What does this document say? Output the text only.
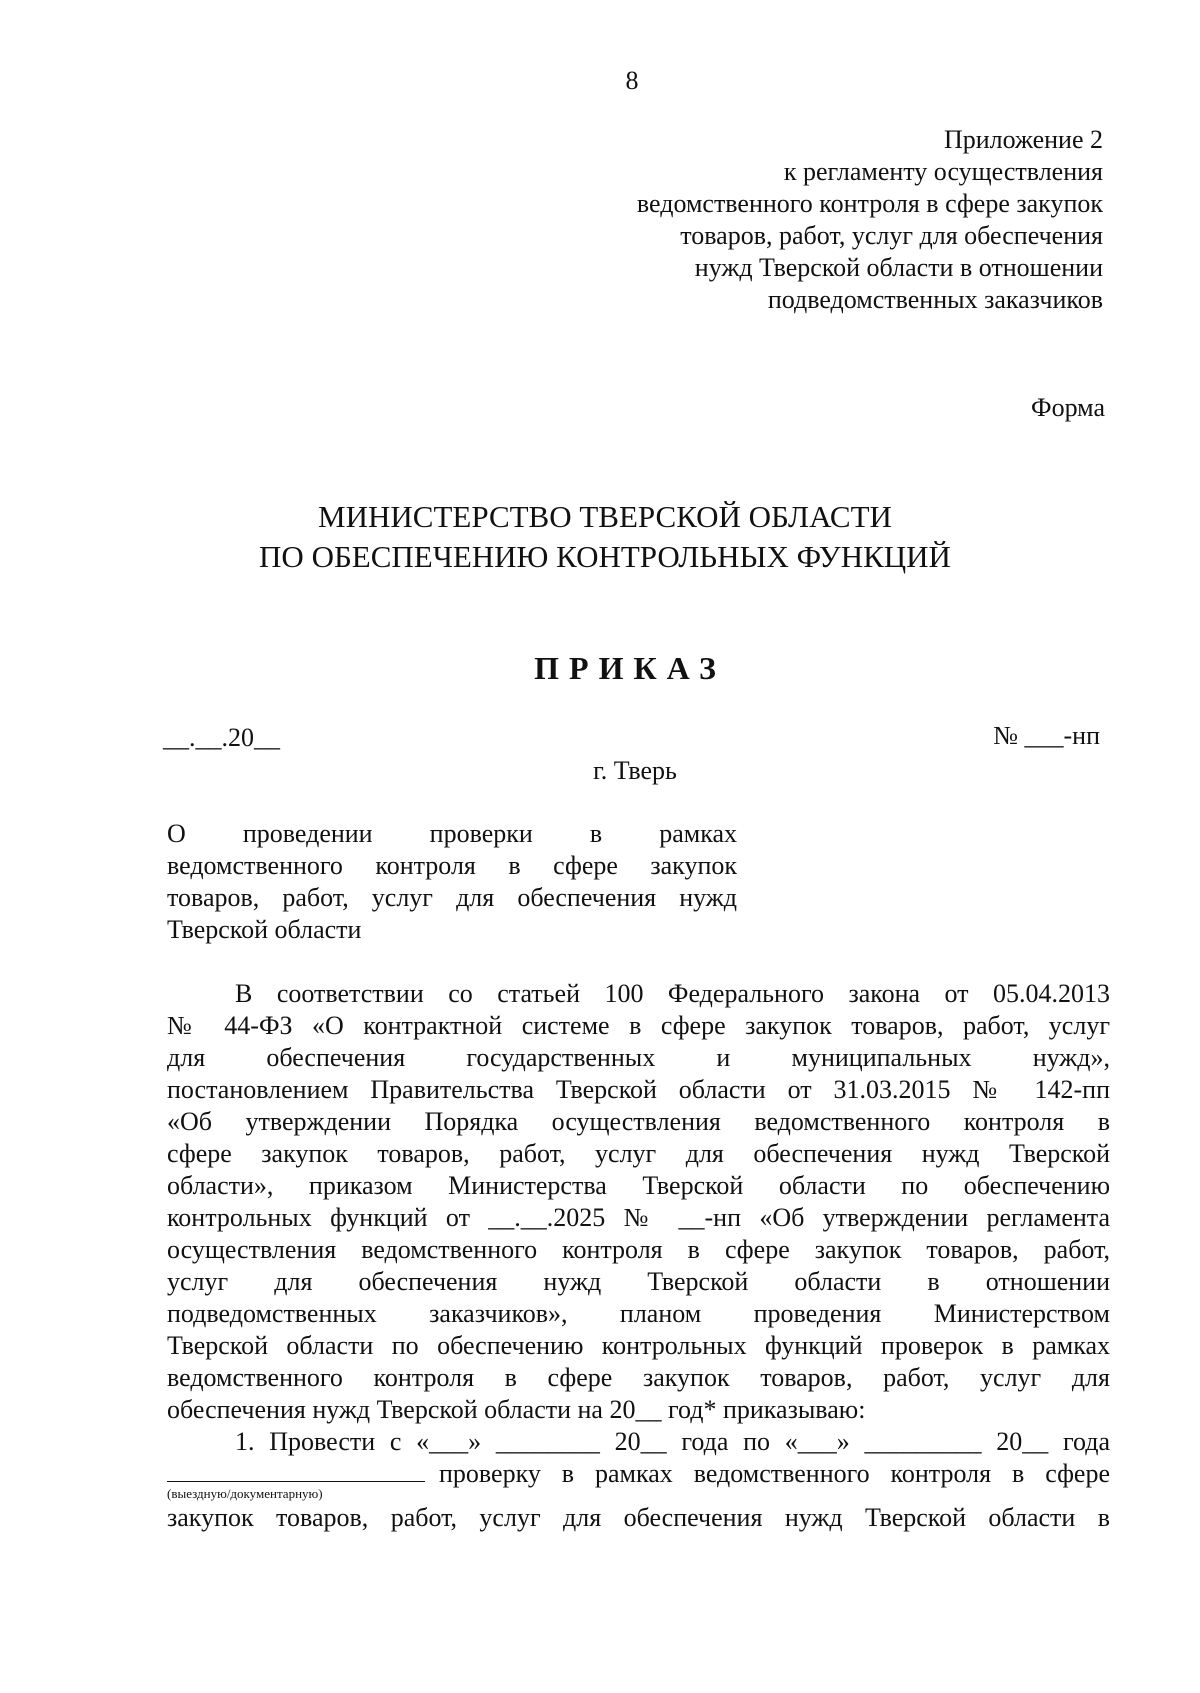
8
Приложение 2
к регламенту осуществления
ведомственного контроля в сфере закупок
товаров, работ, услуг для обеспечения
нужд Тверской области в отношении
подведомственных заказчиков
Форма
МИНИСТЕРСТВО ТВЕРСКОЙ ОБЛАСТИ
ПО ОБЕСПЕЧЕНИЮ КОНТРОЛЬНЫХ ФУНКЦИЙ
ПРИКАЗ
__.__.20__	№ ___-нп
г. Тверь
О проведении проверки в рамках
ведомственного контроля в сфере закупок
товаров, работ, услуг для обеспечения нужд
Тверской области
В соответствии со статьей 100 Федерального закона от 05.04.2013
№ 44-ФЗ «О контрактной системе в сфере закупок товаров, работ, услуг
для обеспечения государственных и муниципальных нужд»,
постановлением Правительства Тверской области от 31.03.2015 № 142-пп
«Об утверждении Порядка осуществления ведомственного контроля в
сфере закупок товаров, работ, услуг для обеспечения нужд Тверской
области», приказом Министерства Тверской области по обеспечению
контрольных функций от __.__.2025 № __-нп «Об утверждении регламента
осуществления ведомственного контроля в сфере закупок товаров, работ,
услуг для обеспечения нужд Тверской области в отношении
подведомственных заказчиков», планом проведения Министерством
Тверской области по обеспечению контрольных функций проверок в рамках
ведомственного контроля в сфере закупок товаров, работ, услуг для
обеспечения нужд Тверской области на 20__ год* приказываю:
1. Провести с «___» ________ 20__ года по «___» _________ 20__ года
проверку в рамках ведомственного контроля в сфере
(выездную/документарную)
закупок товаров, работ, услуг для обеспечения нужд Тверской области в
